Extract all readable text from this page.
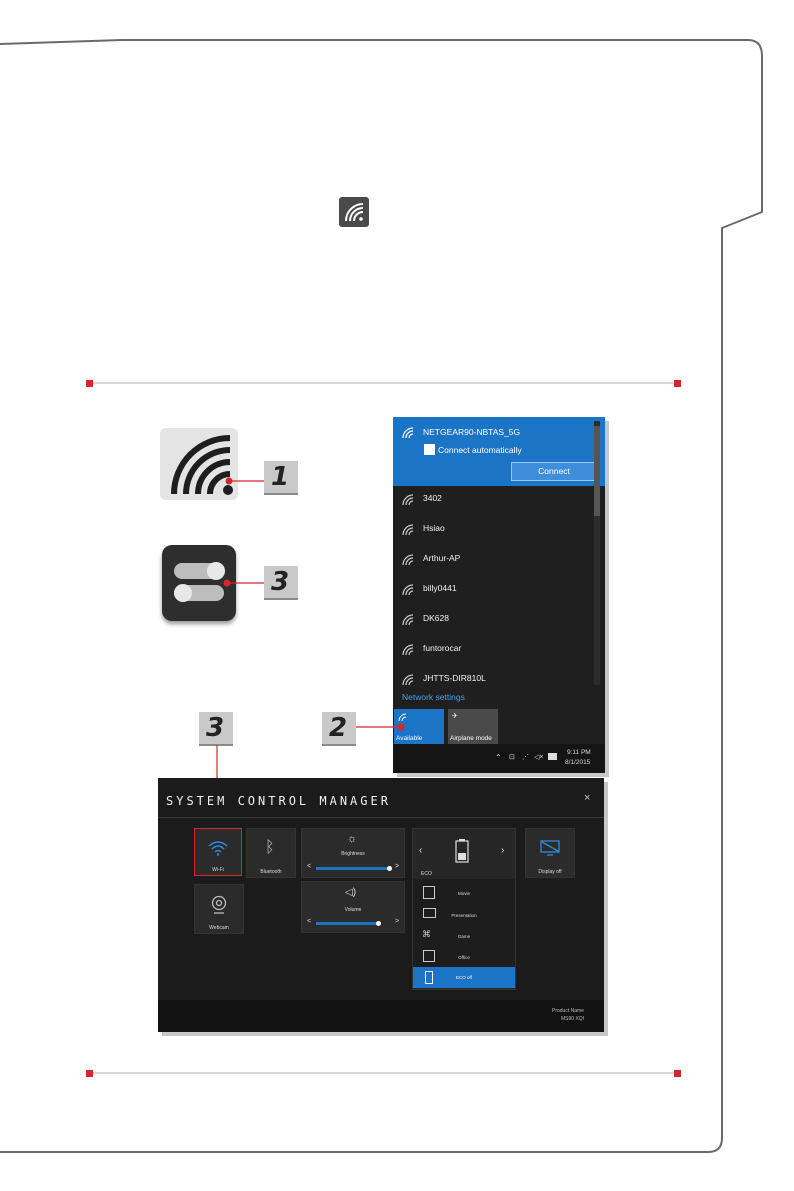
1
3
NETGEAR90-NBTAS_5G
Connect automatically
Connect
3402
Hsiao
Arthur-AP
billy0441
DK628
funtorocar
JHTTS-DIR810L
Network settings
Available
✈
Airplane mode
⌃ ⊡ ⋰ ◁×
9:11 PM
8/1/2015
2
3
SYSTEM CONTROL MANAGER	×
Wi-Fi
ᛒ
Bluetooth
☼
Brightness
<	>
◁)
Volume
<	>
‹	›
ECO
Movie
Presentation
⌘	Game
Office
ECO off
Display off
Webcam
Product Name
MS90 XQI
